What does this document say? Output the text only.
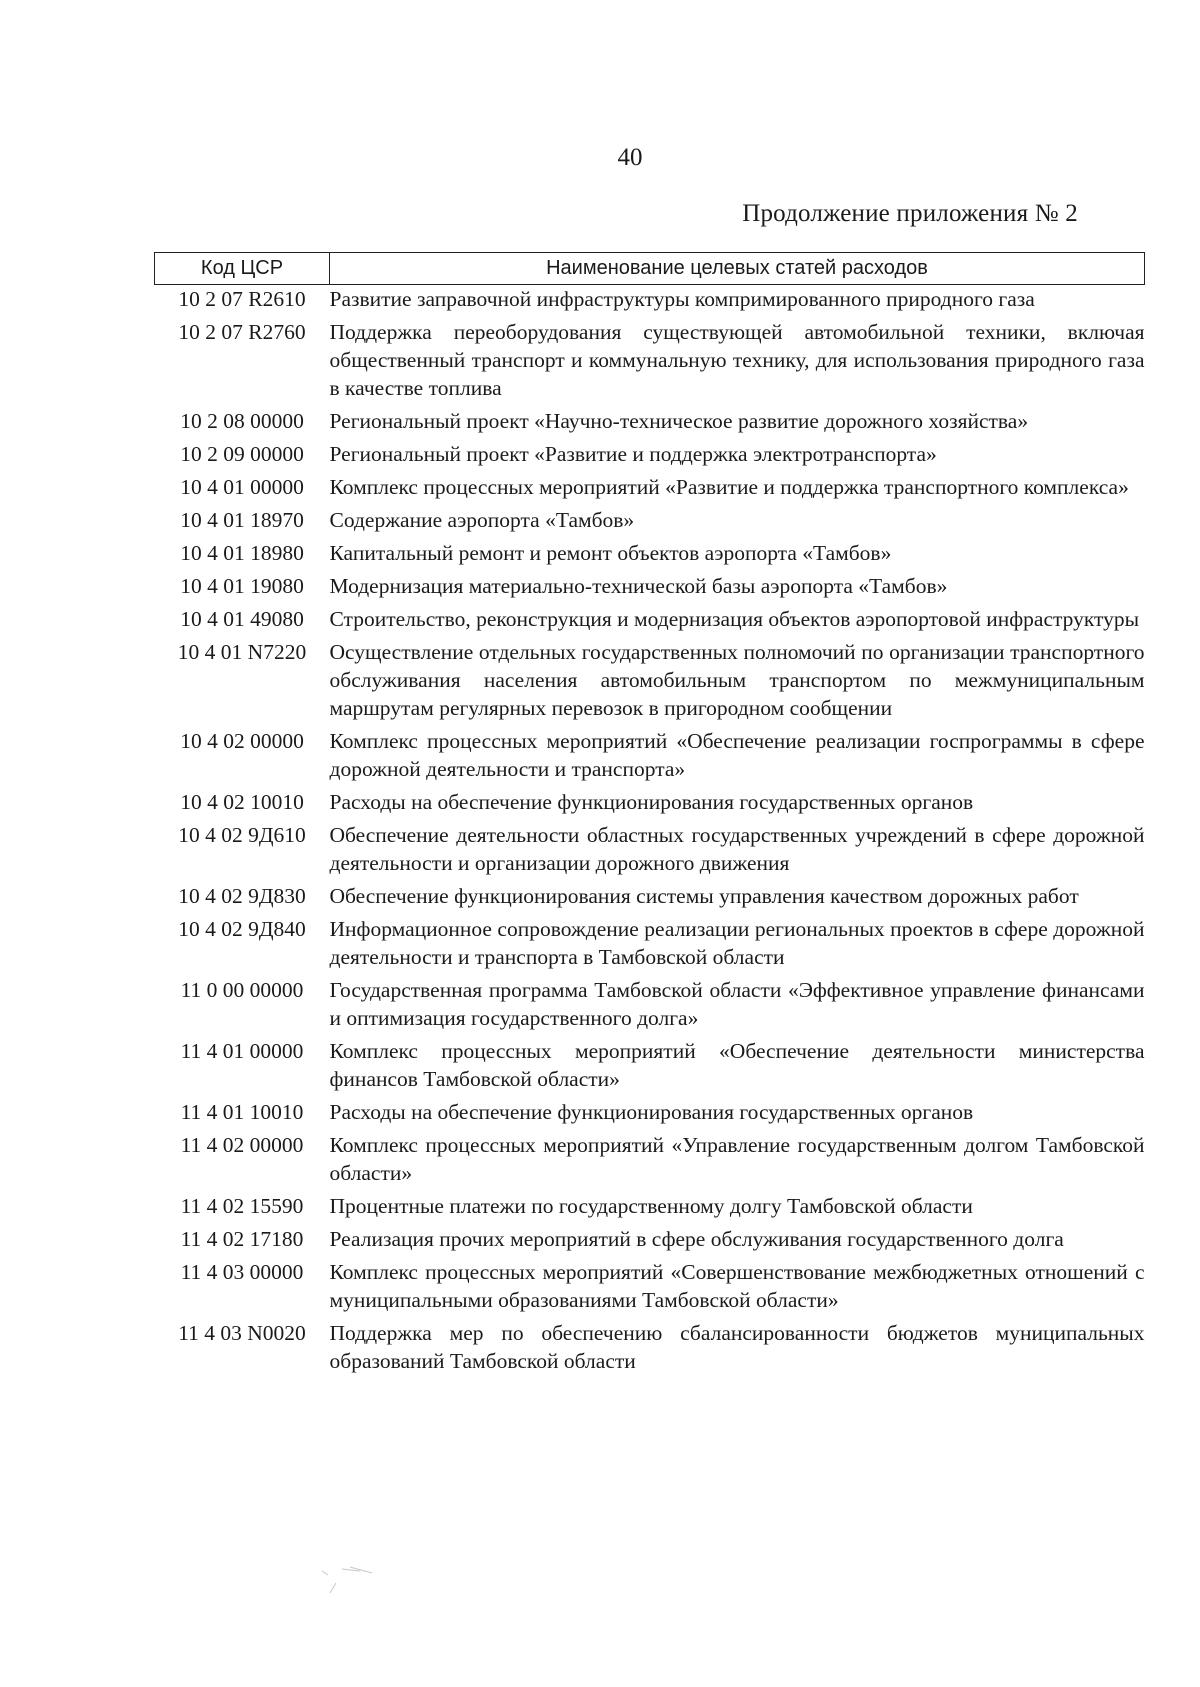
40
Продолжение приложения № 2
Код ЦСР	Наименование целевых статей расходов
10 2 07 R2610	Развитие заправочной инфраструктуры компримированного природного газа
10 2 07 R2760	Поддержка переоборудования существующей автомобильной техники, включая общественный транспорт и коммунальную технику, для использования природного газа в качестве топлива
10 2 08 00000	Региональный проект «Научно-техническое развитие дорожного хозяйства»
10 2 09 00000	Региональный проект «Развитие и поддержка электротранспорта»
10 4 01 00000	Комплекс процессных мероприятий «Развитие и поддержка транспортного комплекса»
10 4 01 18970	Содержание аэропорта «Тамбов»
10 4 01 18980	Капитальный ремонт и ремонт объектов аэропорта «Тамбов»
10 4 01 19080	Модернизация материально-технической базы аэропорта «Тамбов»
10 4 01 49080	Строительство, реконструкция и модернизация объектов аэропортовой инфраструктуры
10 4 01 N7220	Осуществление отдельных государственных полномочий по организации транспортного обслуживания населения автомобильным транспортом по межмуниципальным маршрутам регулярных перевозок в пригородном сообщении
10 4 02 00000	Комплекс процессных мероприятий «Обеспечение реализации госпрограммы в сфере дорожной деятельности и транспорта»
10 4 02 10010	Расходы на обеспечение функционирования государственных органов
10 4 02 9Д610	Обеспечение деятельности областных государственных учреждений в сфере дорожной деятельности и организации дорожного движения
10 4 02 9Д830	Обеспечение функционирования системы управления качеством дорожных работ
10 4 02 9Д840	Информационное сопровождение реализации региональных проектов в сфере дорожной деятельности и транспорта в Тамбовской области
11 0 00 00000	Государственная программа Тамбовской области «Эффективное управление финансами и оптимизация государственного долга»
11 4 01 00000	Комплекс процессных мероприятий «Обеспечение деятельности министерства финансов Тамбовской области»
11 4 01 10010	Расходы на обеспечение функционирования государственных органов
11 4 02 00000	Комплекс процессных мероприятий «Управление государственным долгом Тамбовской области»
11 4 02 15590	Процентные платежи по государственному долгу Тамбовской области
11 4 02 17180	Реализация прочих мероприятий в сфере обслуживания государственного долга
11 4 03 00000	Комплекс процессных мероприятий «Совершенствование межбюджетных отношений с муниципальными образованиями Тамбовской области»
11 4 03 N0020	Поддержка мер по обеспечению сбалансированности бюджетов муниципальных образований Тамбовской области
